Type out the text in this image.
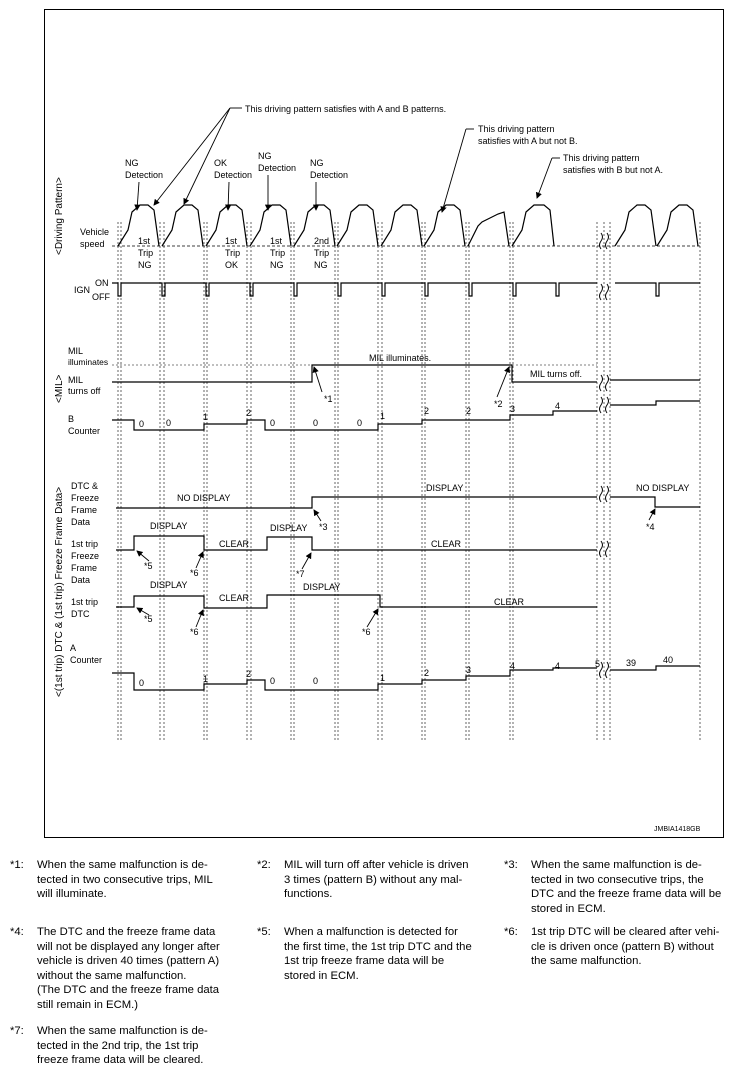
This driving pattern satisfies with A and B patterns.
This driving pattern
satisfies with A but not B.
This driving pattern
satisfies with B but not A.
NG
Detection
OK
Detection
NG
Detection NG
Detection
1st
Trip
NG
1st
Trip
OK
1st
Trip
NG
2nd
Trip
NG
<Driving Pattern>
<MIL>
<(1st trip) DTC & (1st trip) Freeze Frame Data>
Vehicle
speed
IGN
ON
OFF
MIL
illuminates
MIL
turns off
B
Counter
DTC &
Freeze
Frame
Data
1st trip
Freeze
Frame
Data
1st trip
DTC
A
Counter
MIL illuminates.
MIL turns off.
0 0
1	2
0	0	0
1	2	2	3	4
NO DISPLAY
DISPLAY	NO DISPLAY
DISPLAY
CLEAR
DISPLAY
CLEAR
DISPLAY
CLEAR
DISPLAY
CLEAR
0	1	2
0	0	1	2	3	4	4	5	39	40
*1	*2
*3	*4
*5
*6
*5
*6
*7
*6
JMBIA1418GB
*1: When the same malfunction is de-
tected in two consecutive trips, MIL
will illuminate.
*2: MIL will turn off after vehicle is driven
3 times (pattern B) without any mal-
functions.
*3: When the same malfunction is de-
tected in two consecutive trips, the
DTC and the freeze frame data will be
stored in ECM.
*4: The DTC and the freeze frame data
will not be displayed any longer after
vehicle is driven 40 times (pattern A)
without the same malfunction.
(The DTC and the freeze frame data
still remain in ECM.)
*5: When a malfunction is detected for
the first time, the 1st trip DTC and the
1st trip freeze frame data will be
stored in ECM.
*6: 1st trip DTC will be cleared after vehi-
cle is driven once (pattern B) without
the same malfunction.
*7: When the same malfunction is de-
tected in the 2nd trip, the 1st trip
freeze frame data will be cleared.
